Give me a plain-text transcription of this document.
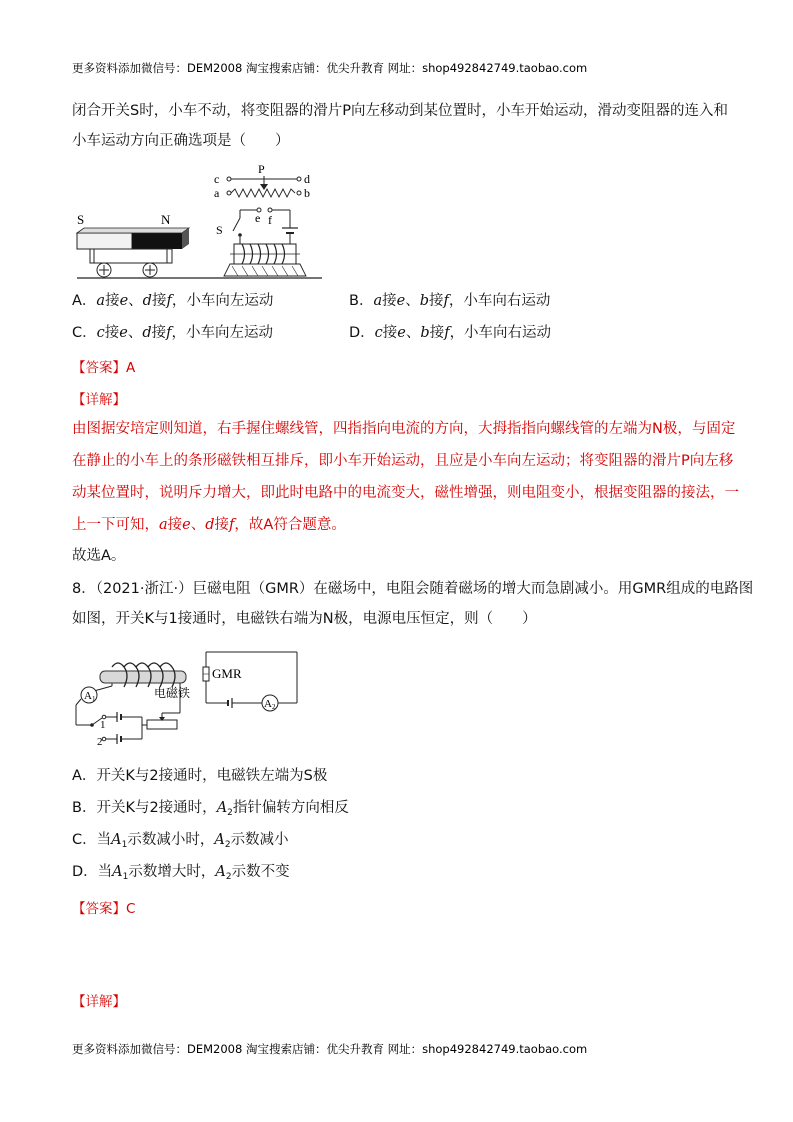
更多资料添加微信号：DEM2008 淘宝搜索店铺：优尖升教育 网址：shop492842749.taobao.com
闭合开关S时，小车不动，将变阻器的滑片P向左移动到某位置时，小车开始运动，滑动变阻器的连入和
小车运动方向正确选项是（　　）
S	N
P
c	d
a	b
e f
S
A．a接e、d接f，小车向左运动	B．a接e、b接f，小车向右运动
C．c接e、d接f，小车向左运动	D．c接e、b接f，小车向右运动
【答案】A
【详解】
由图据安培定则知道，右手握住螺线管，四指指向电流的方向，大拇指指向螺线管的左端为N极，与固定
在静止的小车上的条形磁铁相互排斥，即小车开始运动，且应是小车向左运动；将变阻器的滑片P向左移
动某位置时，说明斥力增大，即此时电路中的电流变大，磁性增强，则电阻变小，根据变阻器的接法，一
上一下可知，a接e、d接f，故A符合题意。
故选A。
8．（2021·浙江·）巨磁电阻（GMR）在磁场中，电阻会随着磁场的增大而急剧减小。用GMR组成的电路图
如图，开关K与1接通时，电磁铁右端为N极，电源电压恒定，则（　　）
电磁铁
A1
1
2
GMR
A2
A．开关K与2接通时，电磁铁左端为S极
B．开关K与2接通时，$A_2$指针偏转方向相反
C．当$A_1$示数减小时，$A_2$示数减小
D．当$A_1$示数增大时，$A_2$示数不变
【答案】C
【详解】
更多资料添加微信号：DEM2008 淘宝搜索店铺：优尖升教育 网址：shop492842749.taobao.com
